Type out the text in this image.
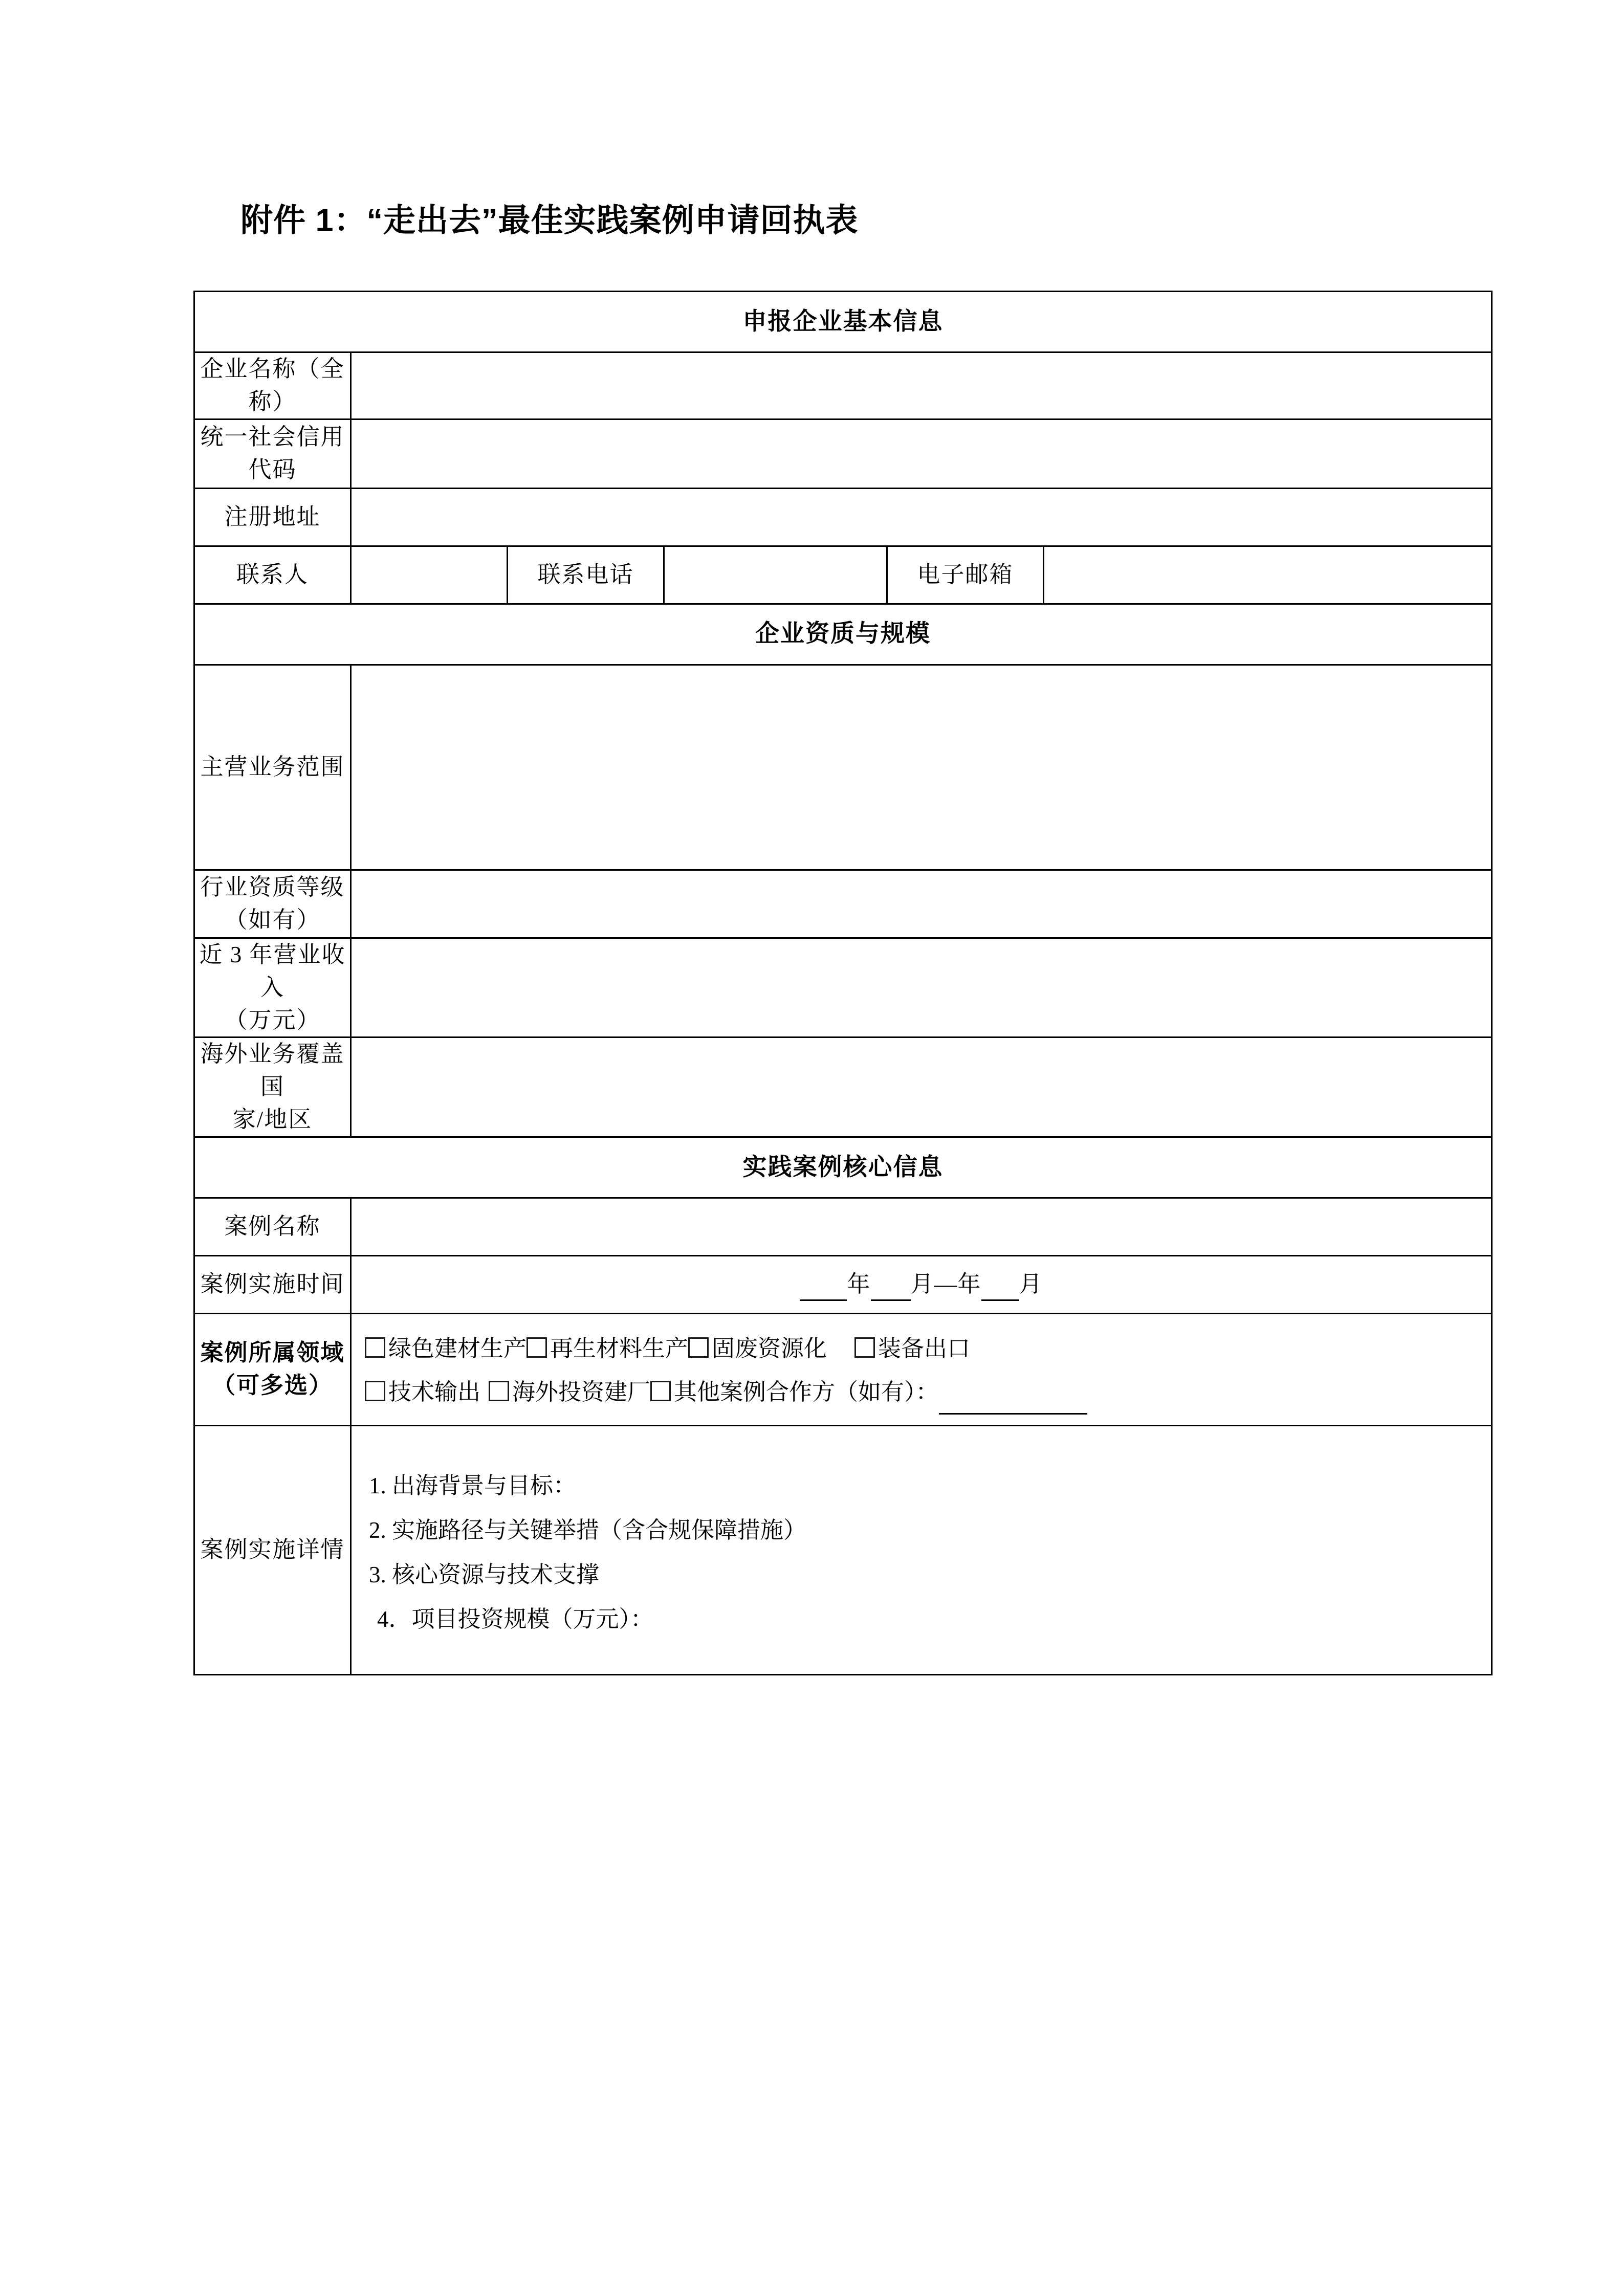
附件 1：“走出去”最佳实践案例申请回执表
申报企业基本信息					
企业名称（全称）					

统一社会信用
代码					

注册地址					
联系人		联系电话		电子邮箱	
企业资质与规模					
主营业务范围					

行业资质等级
（如有）					

近 3 年营业收入
（万元）					

海外业务覆盖国
家/地区					

实践案例核心信息					
案例名称					
案例实施时间	年 月—年 月				

案例所属领域
（可多选）

绿色建材生产 再生材料生产 固废资源化 装备出口
技术输出 海外投资建厂 其他案例合作方（如有）：

案例实施详情	1. 出海背景与目标：

2. 实施路径与关键举措（含合规保障措施）

3. 核心资源与技术支撑

4．项目投资规模（万元）：				
